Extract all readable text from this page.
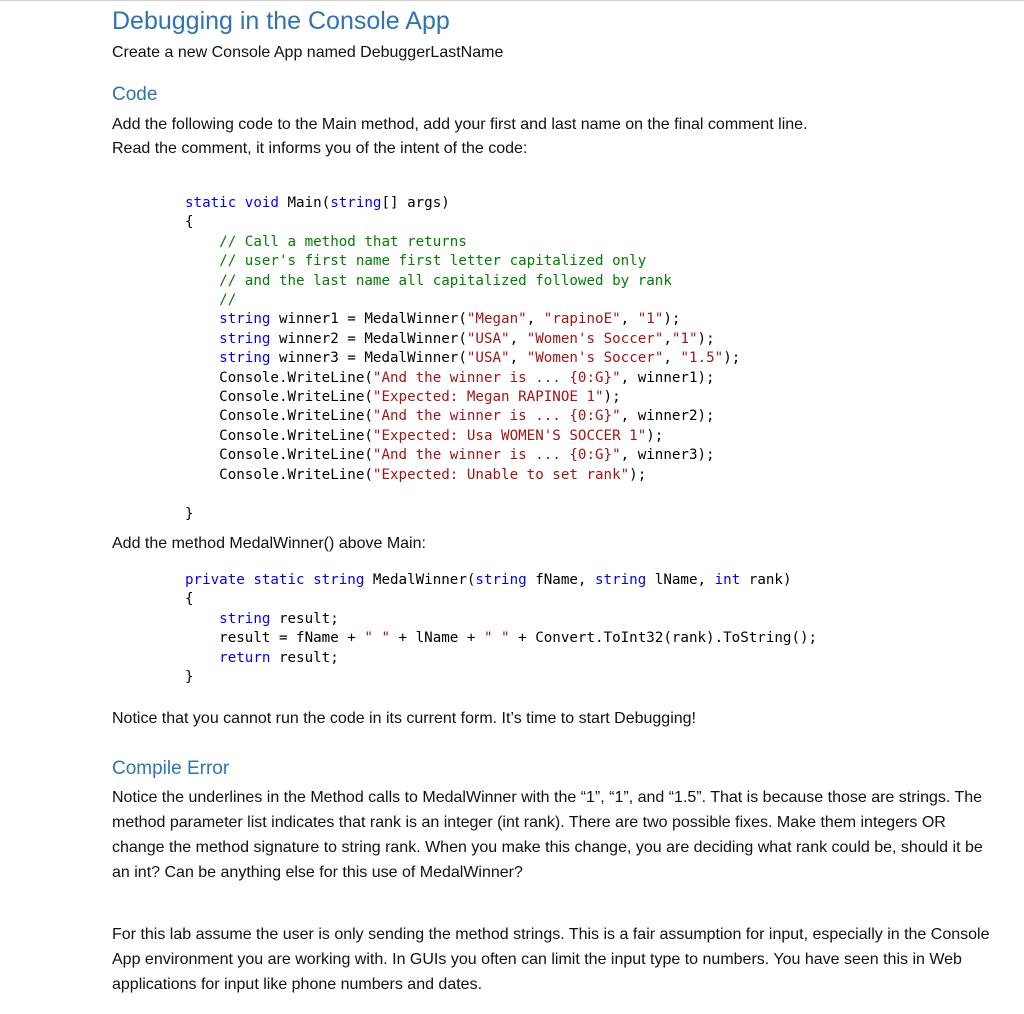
Debugging in the Console App

Create a new Console App named DebuggerLastName

Code

Add the following code to the Main method, add your first and last name on the final comment line.

Read the comment, it informs you of the intent of the code:

static void Main(string[] args)
{
// Call a method that returns
// user's first name first letter capitalized only
// and the last name all capitalized followed by rank
//
string winner1 = MedalWinner("Megan", "rapinoE", "1");
string winner2 = MedalWinner("USA", "Women's Soccer","1");
string winner3 = MedalWinner("USA", "Women's Soccer", "1.5");
Console.WriteLine("And the winner is ... {0:G}", winner1);
Console.WriteLine("Expected: Megan RAPINOE 1");
Console.WriteLine("And the winner is ... {0:G}", winner2);
Console.WriteLine("Expected: Usa WOMEN'S SOCCER 1");
Console.WriteLine("And the winner is ... {0:G}", winner3);
Console.WriteLine("Expected: Unable to set rank");

}

Add the method MedalWinner() above Main:

private static string MedalWinner(string fName, string lName, int rank)
{
string result;
result = fName + " " + lName + " " + Convert.ToInt32(rank).ToString();
return result;
}

Notice that you cannot run the code in its current form. It’s time to start Debugging!

Compile Error

Notice the underlines in the Method calls to MedalWinner with the “1”, “1”, and “1.5”. That is because those are strings. The method parameter list indicates that rank is an integer (int rank). There are two possible fixes. Make them integers OR change the method signature to string rank. When you make this change, you are deciding what rank could be, should it be an int? Can be anything else for this use of MedalWinner?

For this lab assume the user is only sending the method strings. This is a fair assumption for input, especially in the Console App environment you are working with. In GUIs you often can limit the input type to numbers. You have seen this in Web applications for input like phone numbers and dates.
